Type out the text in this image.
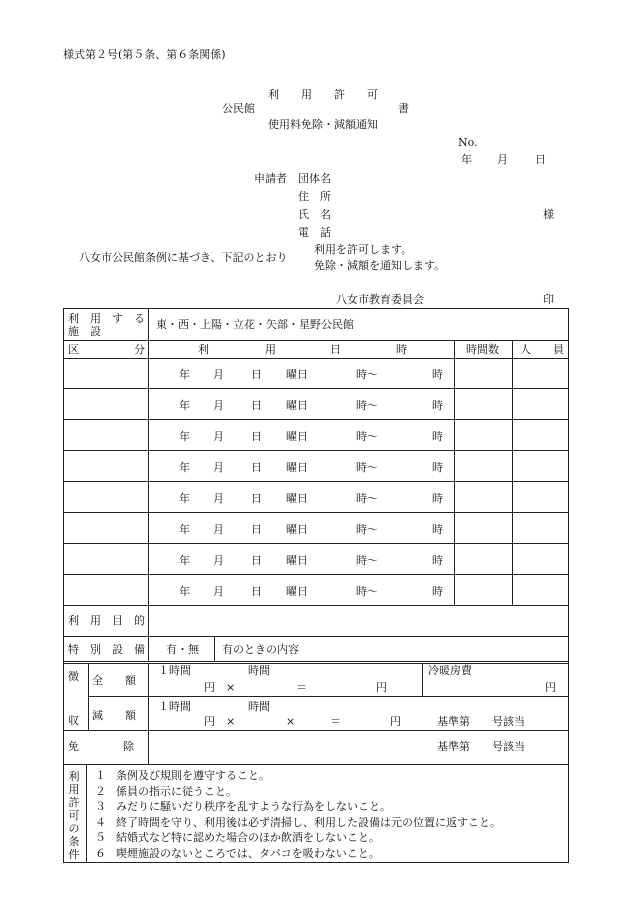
様式第２号(第５条、第６条関係)
利　　用　　許　　可
公民館	書
使用料免除・減額通知
No.
年 月 日
申請者 団体名
住　所
氏　名	様
電　話
八女市公民館条例に基づき、下記のとおり
利用を許可します。
免除・減額を通知します。
八女市教育委員会	印
利　用　す　る
施　設
東・西・上陽・立花・矢部・星野公民館
区	分	利	用	日	時	時間数 人　　員
年 月 日 曜日	時～	時
年 月 日 曜日	時～	時
年 月 日 曜日	時～	時
年 月 日 曜日	時～	時
年 月 日 曜日	時～	時
年 月 日 曜日	時～	時
年 月 日 曜日	時～	時
年 月 日 曜日	時～	時
利　用　目　的
特　別　設　備 有・無 有のときの内容
徴
収
全　　額
１時間	時間
円 ×	＝	円
冷暖房費
円
減　　額
１時間	時間
円 ×	×	＝	円	基準第　　号該当
免　　　　除	基準第　　号該当
利用許可の条件
１ 条例及び規則を遵守すること。
２ 係員の指示に従うこと。
３ みだりに騒いだり秩序を乱すような行為をしないこと。
４ 終了時間を守り、利用後は必ず清掃し、利用した設備は元の位置に返すこと。
５ 結婚式など特に認めた場合のほか飲酒をしないこと。
６ 喫煙施設のないところでは、タバコを吸わないこと。
